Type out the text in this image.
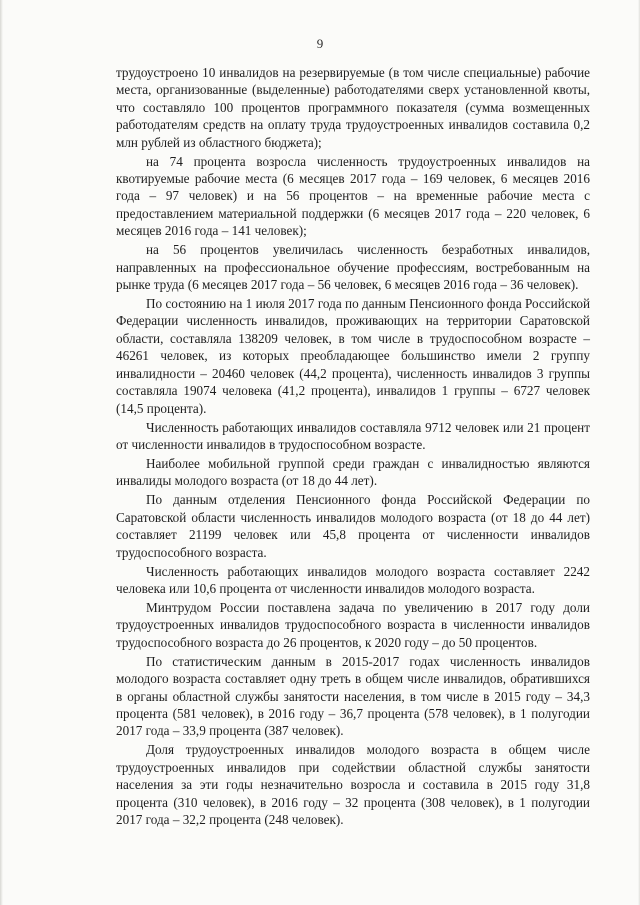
9

трудоустроено 10 инвалидов на резервируемые (в том числе специальные) рабочие места, организованные (выделенные) работодателями сверх установленной квоты, что составляло 100 процентов программного показателя (сумма возмещенных работодателям средств на оплату труда трудоустроенных инвалидов составила 0,2 млн рублей из областного бюджета);

на 74 процента возросла численность трудоустроенных инвалидов на квотируемые рабочие места (6 месяцев 2017 года – 169 человек, 6 месяцев 2016 года – 97 человек) и на 56 процентов – на временные рабочие места с предоставлением материальной поддержки (6 месяцев 2017 года – 220 человек, 6 месяцев 2016 года – 141 человек);

на 56 процентов увеличилась численность безработных инвалидов, направленных на профессиональное обучение профессиям, востребованным на рынке труда (6 месяцев 2017 года – 56 человек, 6 месяцев 2016 года – 36 человек).

По состоянию на 1 июля 2017 года по данным Пенсионного фонда Российской Федерации численность инвалидов, проживающих на территории Саратовской области, составляла 138209 человек, в том числе в трудоспособном возрасте – 46261 человек, из которых преобладающее большинство имели 2 группу инвалидности – 20460 человек (44,2 процента), численность инвалидов 3 группы составляла 19074 человека (41,2 процента), инвалидов 1 группы – 6727 человек (14,5 процента).

Численность работающих инвалидов составляла 9712 человек или 21 процент от численности инвалидов в трудоспособном возрасте.

Наиболее мобильной группой среди граждан с инвалидностью являются инвалиды молодого возраста (от 18 до 44 лет).

По данным отделения Пенсионного фонда Российской Федерации по Саратовской области численность инвалидов молодого возраста (от 18 до 44 лет) составляет 21199 человек или 45,8 процента от численности инвалидов трудоспособного возраста.

Численность работающих инвалидов молодого возраста составляет 2242 человека или 10,6 процента от численности инвалидов молодого возраста.

Минтрудом России поставлена задача по увеличению в 2017 году доли трудоустроенных инвалидов трудоспособного возраста в численности инвалидов трудоспособного возраста до 26 процентов, к 2020 году – до 50 процентов.

По статистическим данным в 2015-2017 годах численность инвалидов молодого возраста составляет одну треть в общем числе инвалидов, обратившихся в органы областной службы занятости населения, в том числе в 2015 году – 34,3 процента (581 человек), в 2016 году – 36,7 процента (578 человек), в 1 полугодии 2017 года – 33,9 процента (387 человек).

Доля трудоустроенных инвалидов молодого возраста в общем числе трудоустроенных инвалидов при содействии областной службы занятости населения за эти годы незначительно возросла и составила в 2015 году 31,8 процента (310 человек), в 2016 году – 32 процента (308 человек), в 1 полугодии 2017 года – 32,2 процента (248 человек).
